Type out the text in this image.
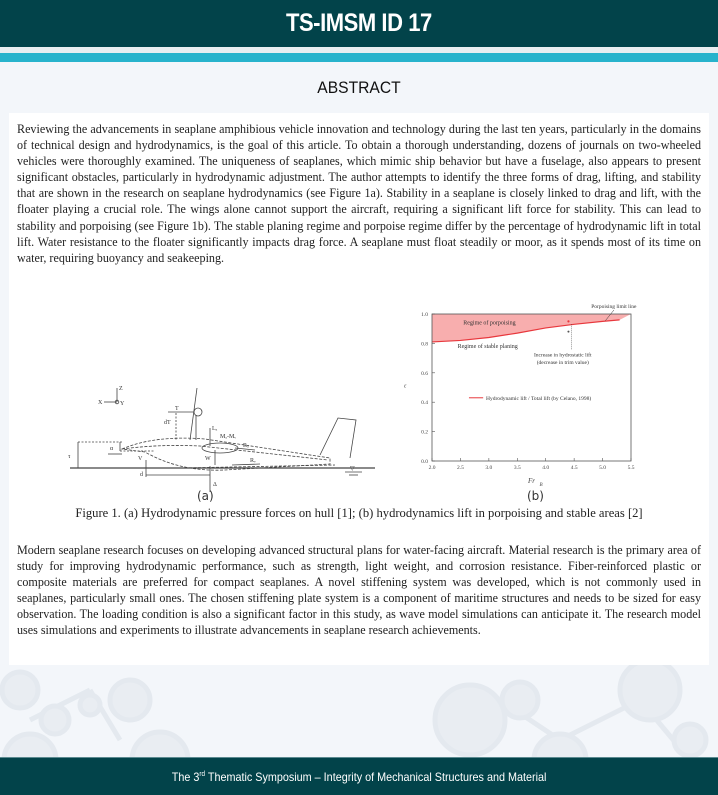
TS-IMSM ID 17
ABSTRACT

Reviewing the advancements in seaplane amphibious vehicle innovation and technology during the last ten years, particularly in the domains of technical design and hydrodynamics, is the goal of this article. To obtain a thorough understanding, dozens of journals on two-wheeled vehicles were thoroughly examined. The uniqueness of seaplanes, which mimic ship behavior but have a fuselage, also appears to present significant obstacles, particularly in hydrodynamic adjustment. The author attempts to identify the three forms of drag, lifting, and stability that are shown in the research on seaplane hydrodynamics (see Figure 1a). Stability in a seaplane is closely linked to drag and lift, with the floater playing a crucial role. The wings alone cannot support the aircraft, requiring a significant lift force for stability. This can lead to stability and porpoising (see Figure 1b). The stable planing regime and porpoise regime differ by the percentage of hydrodynamic lift in total lift. Water resistance to the floater significantly impacts drag force. A seaplane must float steadily or moor, as it spends most of its time on water, requiring buoyancy and seakeeping.

Z
X	Y
T
dT
Lₐ
Mₐ-Mᵥ
Rₐ
Rᵥ
W
Δ
V
α
τ
d
▽	2.0	2.5	3.0	3.5	4.0	4.5	5.0	5.5
0.0
0.2
0.4
0.6
0.8
1.0
Fr
B
ε
Regime of porpoising
Regime of stable planing
Increase in hydrostatic lift
(decrease in trim value)
Porpoising limit line
Hydrodynamic lift / Total lift (by Celano, 1998)
(a)	(b)
Figure 1. (a) Hydrodynamic pressure forces on hull [1]; (b) hydrodynamics lift in porpoising and stable areas [2]

Modern seaplane research focuses on developing advanced structural plans for water-facing aircraft. Material research is the primary area of study for improving hydrodynamic performance, such as strength, light weight, and corrosion resistance. Fiber-reinforced plastic or composite materials are preferred for compact seaplanes. A novel stiffening system was developed, which is not commonly used in seaplanes, particularly small ones. The chosen stiffening plate system is a component of maritime structures and needs to be sized for easy observation. The loading condition is also a significant factor in this study, as wave model simulations can anticipate it. The research model uses simulations and experiments to illustrate advancements in seaplane research achievements.

The 3rd Thematic Symposium – Integrity of Mechanical Structures and Material
